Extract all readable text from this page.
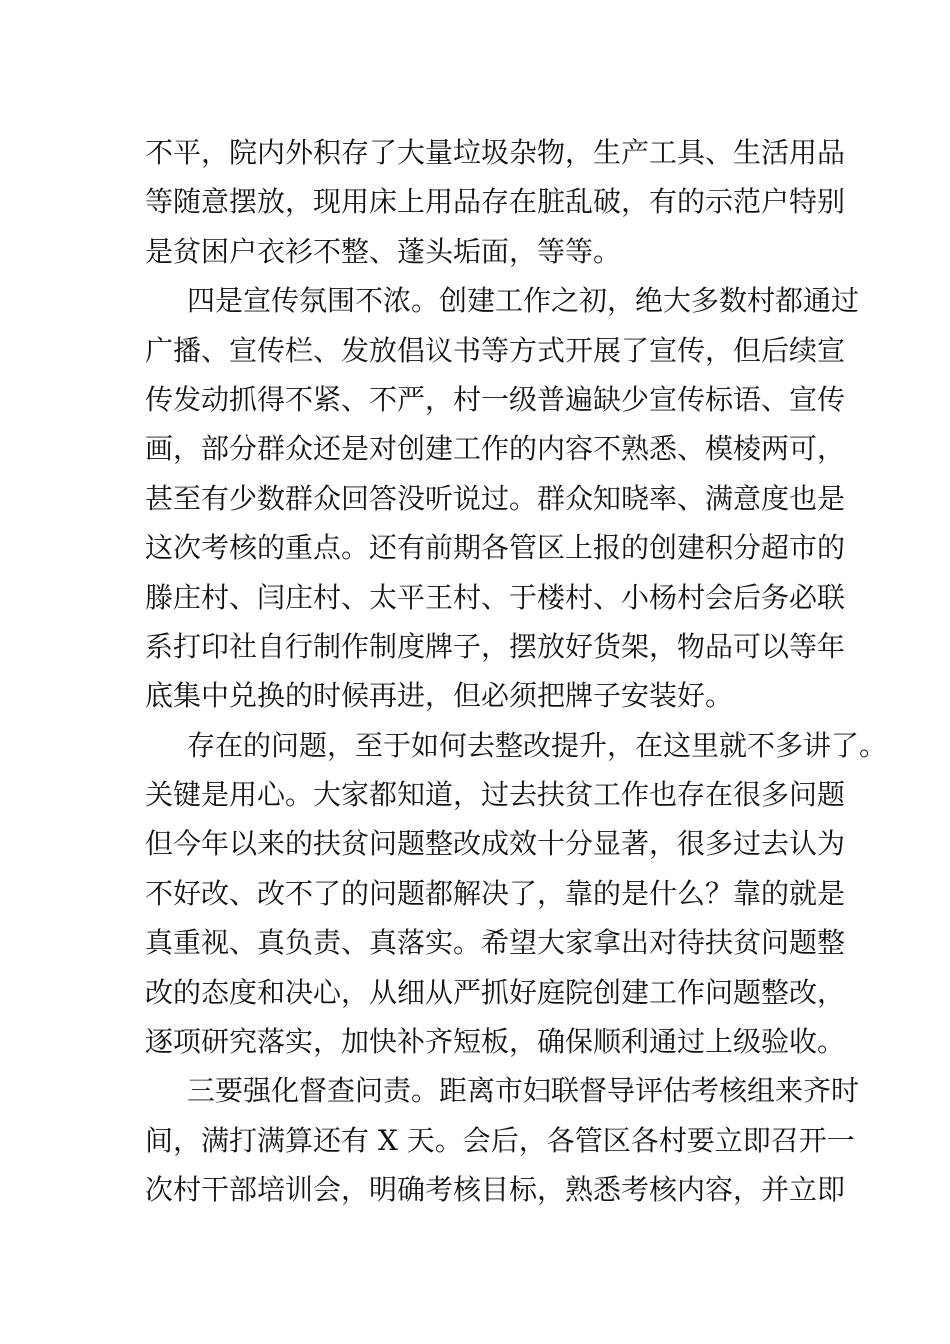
不平，院内外积存了大量垃圾杂物，生产工具、生活用品
等随意摆放，现用床上用品存在脏乱破，有的示范户特别
是贫困户衣衫不整、蓬头垢面，等等。
四是宣传氛围不浓。创建工作之初，绝大多数村都通过
广播、宣传栏、发放倡议书等方式开展了宣传，但后续宣
传发动抓得不紧、不严，村一级普遍缺少宣传标语、宣传
画，部分群众还是对创建工作的内容不熟悉、模棱两可，
甚至有少数群众回答没听说过。群众知晓率、满意度也是
这次考核的重点。还有前期各管区上报的创建积分超市的
滕庄村、闫庄村、太平王村、于楼村、小杨村会后务必联
系打印社自行制作制度牌子，摆放好货架，物品可以等年
底集中兑换的时候再进，但必须把牌子安装好。
存在的问题，至于如何去整改提升，在这里就不多讲了。
关键是用心。大家都知道，过去扶贫工作也存在很多问题
但今年以来的扶贫问题整改成效十分显著，很多过去认为
不好改、改不了的问题都解决了，靠的是什么？靠的就是
真重视、真负责、真落实。希望大家拿出对待扶贫问题整
改的态度和决心，从细从严抓好庭院创建工作问题整改，
逐项研究落实，加快补齐短板，确保顺利通过上级验收。
三要强化督查问责。距离市妇联督导评估考核组来齐时
间，满打满算还有 X 天。会后，各管区各村要立即召开一
次村干部培训会，明确考核目标，熟悉考核内容，并立即
